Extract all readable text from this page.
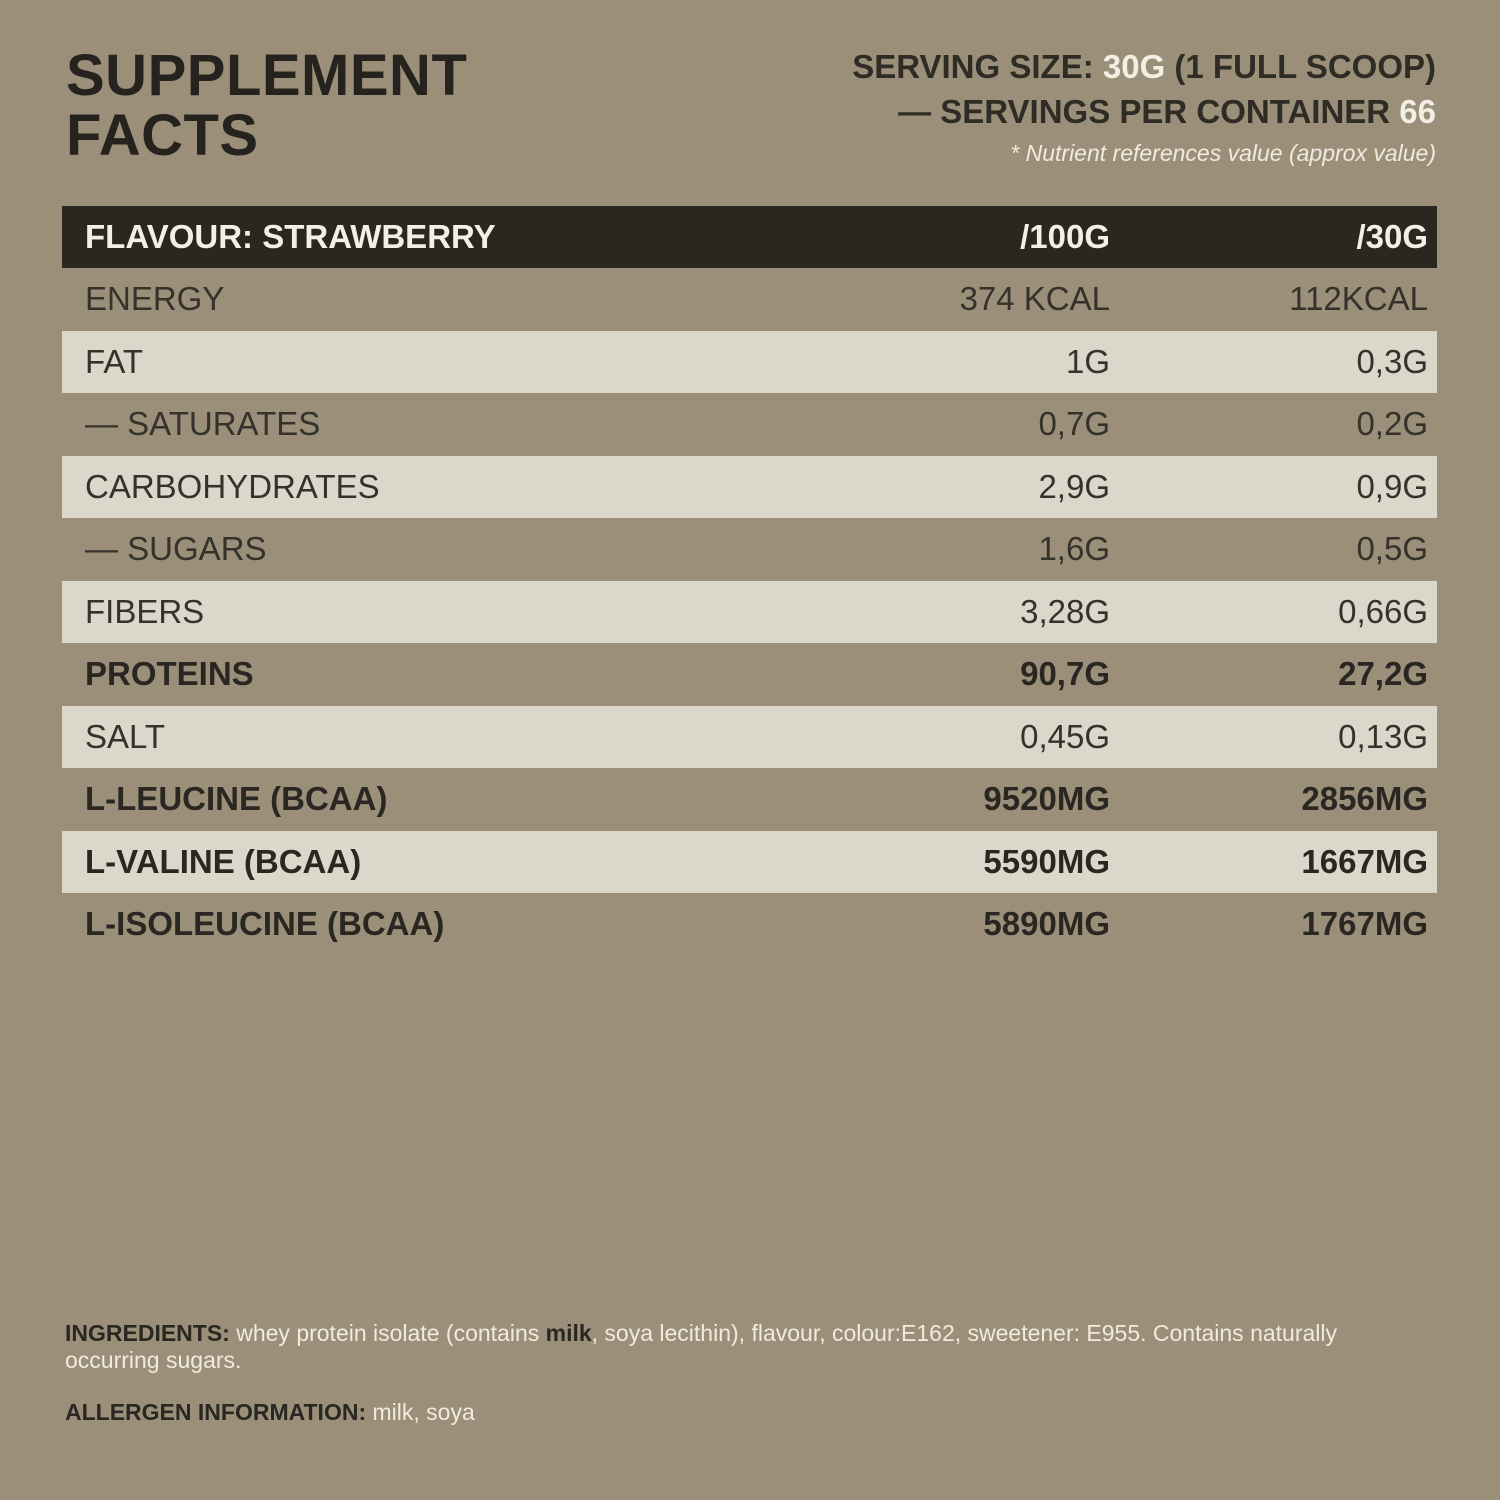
SUPPLEMENT
FACTS
SERVING SIZE: 30G (1 FULL SCOOP)
— SERVINGS PER CONTAINER 66
* Nutrient references value (approx value)
FLAVOUR: STRAWBERRY	/100G	/30G
ENERGY	374 KCAL	112KCAL
FAT	1G	0,3G
— SATURATES	0,7G	0,2G
CARBOHYDRATES	2,9G	0,9G
— SUGARS	1,6G	0,5G
FIBERS	3,28G	0,66G
PROTEINS	90,7G	27,2G
SALT	0,45G	0,13G
L-LEUCINE (BCAA)	9520MG	2856MG
L-VALINE (BCAA)	5590MG	1667MG
L-ISOLEUCINE (BCAA)	5890MG	1767MG
INGREDIENTS: whey protein isolate (contains milk, soya lecithin), flavour, colour:E162, sweetener: E955. Contains naturally occurring sugars.
ALLERGEN INFORMATION: milk, soya
